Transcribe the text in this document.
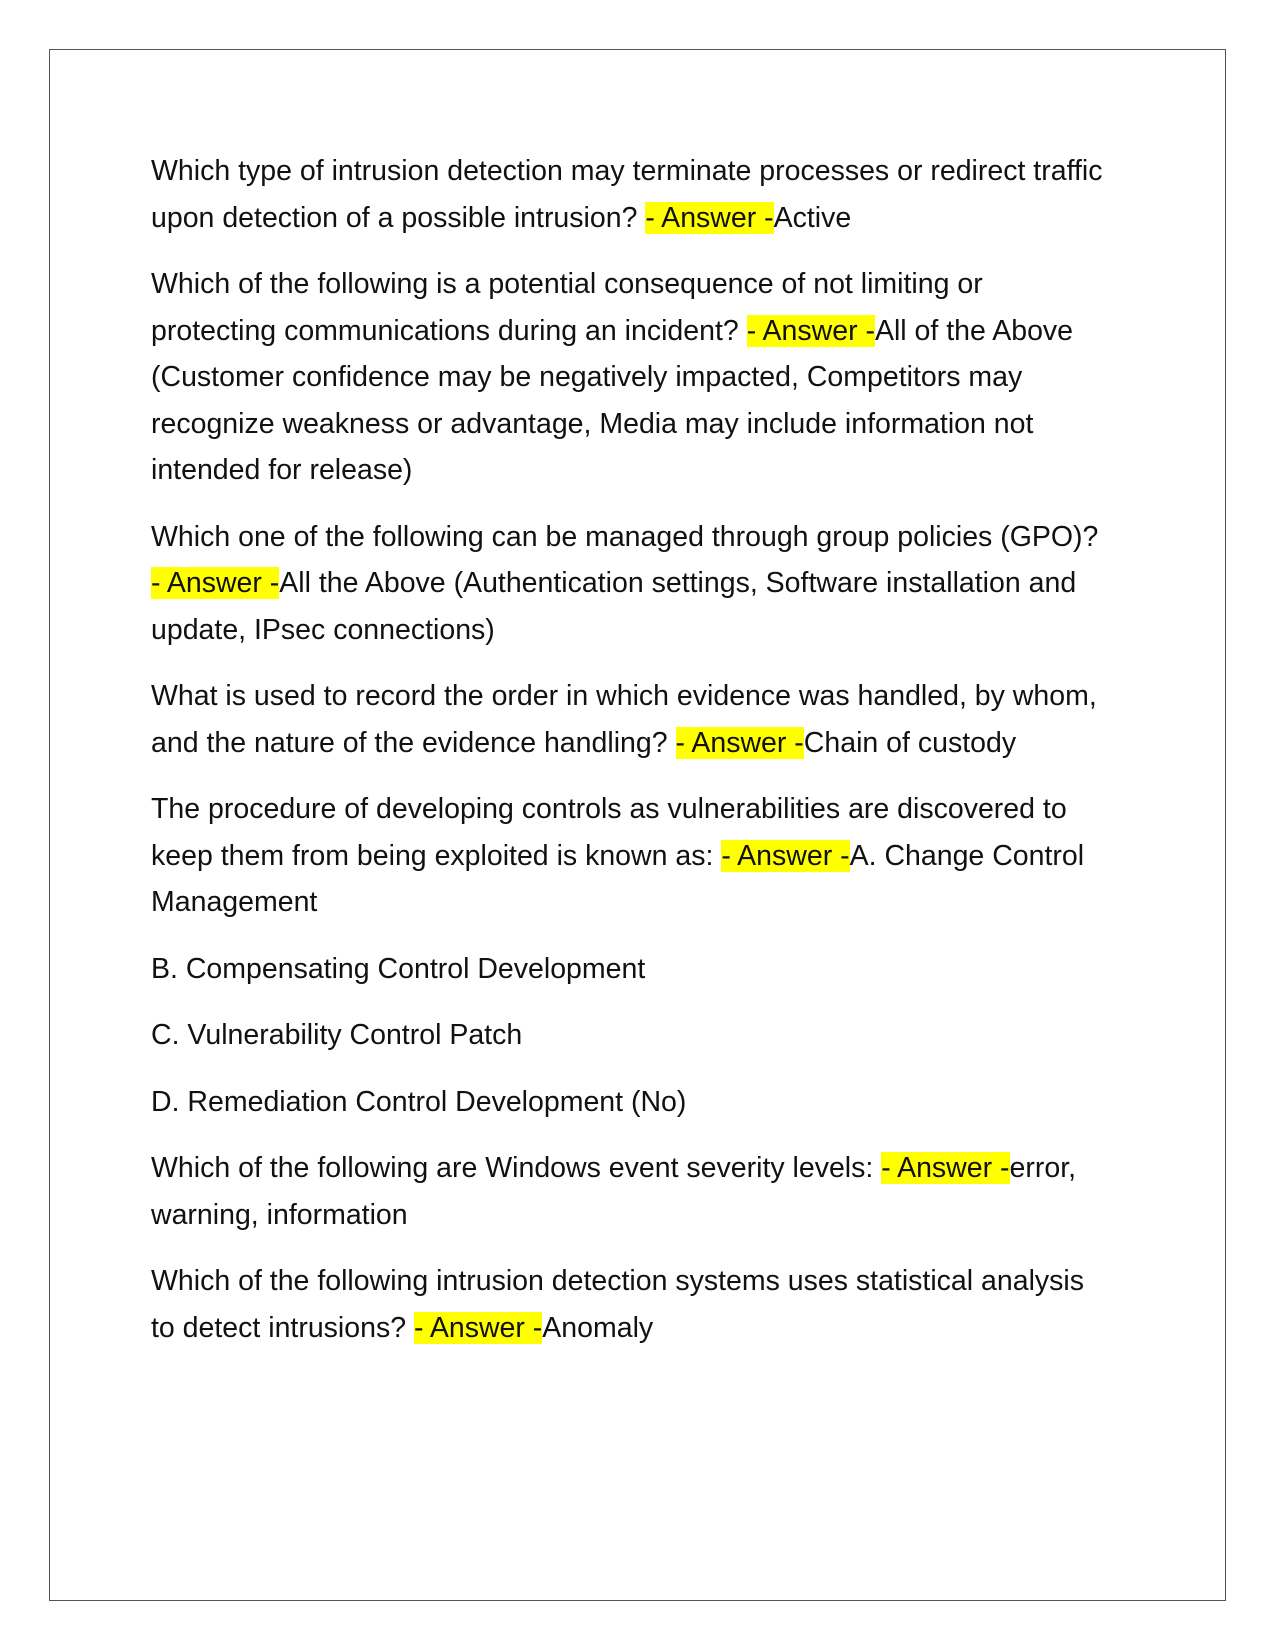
Which type of intrusion detection may terminate processes or redirect traffic upon detection of a possible intrusion? - Answer -Active

Which of the following is a potential consequence of not limiting or protecting communications during an incident? - Answer -All of the Above (Customer confidence may be negatively impacted, Competitors may recognize weakness or advantage, Media may include information not intended for release)

Which one of the following can be managed through group policies (GPO)? - Answer -All the Above (Authentication settings, Software installation and update, IPsec connections)

What is used to record the order in which evidence was handled, by whom, and the nature of the evidence handling? - Answer -Chain of custody

The procedure of developing controls as vulnerabilities are discovered to keep them from being exploited is known as: - Answer -A. Change Control Management

B. Compensating Control Development

C. Vulnerability Control Patch

D. Remediation Control Development (No)

Which of the following are Windows event severity levels: - Answer -error, warning, information

Which of the following intrusion detection systems uses statistical analysis to detect intrusions? - Answer -Anomaly
